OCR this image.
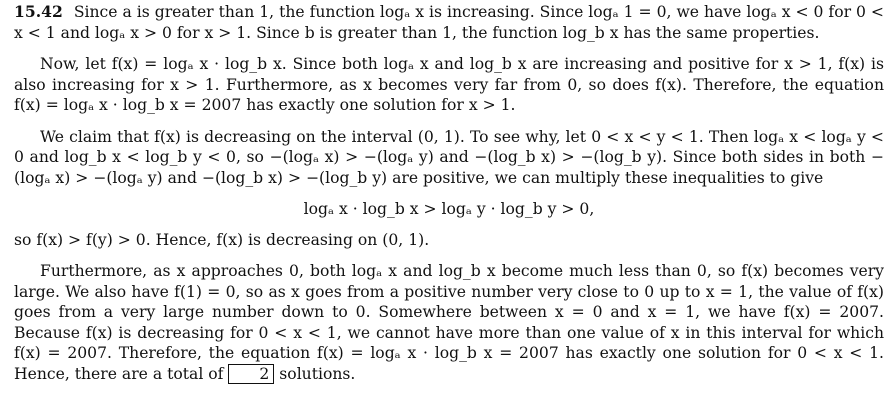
15.42 Since a is greater than 1, the function logₐ x is increasing. Since logₐ 1 = 0, we have logₐ x < 0 for 0 < x < 1 and logₐ x > 0 for x > 1. Since b is greater than 1, the function log_b x has the same properties.

Now, let f(x) = logₐ x · log_b x. Since both logₐ x and log_b x are increasing and positive for x > 1, f(x) is also increasing for x > 1. Furthermore, as x becomes very far from 0, so does f(x). Therefore, the equation f(x) = logₐ x · log_b x = 2007 has exactly one solution for x > 1.

We claim that f(x) is decreasing on the interval (0, 1). To see why, let 0 < x < y < 1. Then logₐ x < logₐ y < 0 and log_b x < log_b y < 0, so −(logₐ x) > −(logₐ y) and −(log_b x) > −(log_b y). Since both sides in both −(logₐ x) > −(logₐ y) and −(log_b x) > −(log_b y) are positive, we can multiply these inequalities to give

logₐ x · log_b x > logₐ y · log_b y > 0,

so f(x) > f(y) > 0. Hence, f(x) is decreasing on (0, 1).

Furthermore, as x approaches 0, both logₐ x and log_b x become much less than 0, so f(x) becomes very large. We also have f(1) = 0, so as x goes from a positive number very close to 0 up to x = 1, the value of f(x) goes from a very large number down to 0. Somewhere between x = 0 and x = 1, we have f(x) = 2007. Because f(x) is decreasing for 0 < x < 1, we cannot have more than one value of x in this interval for which f(x) = 2007. Therefore, the equation f(x) = logₐ x · log_b x = 2007 has exactly one solution for 0 < x < 1. Hence, there are a total of 2 solutions.
